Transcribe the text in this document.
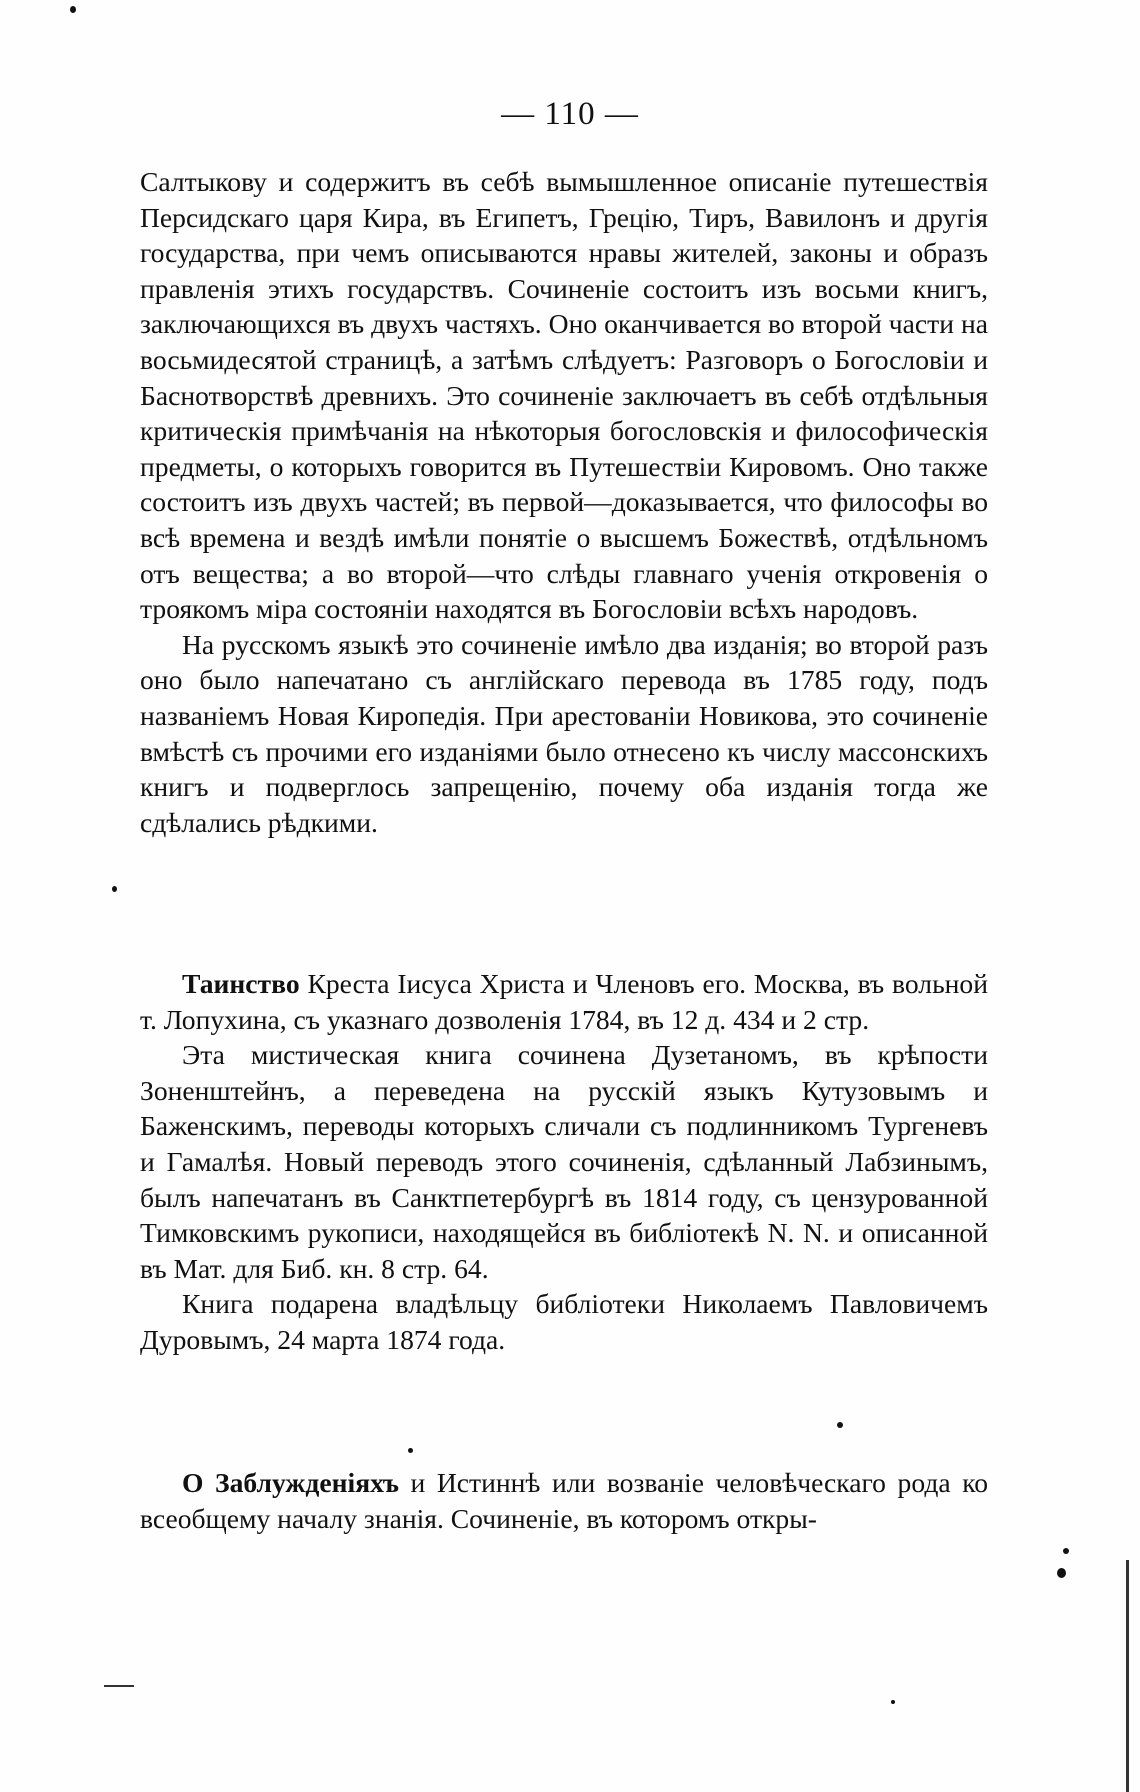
— 110 —

Салтыкову и содержитъ въ себѣ вымышленное описаніе путешествія Персидскаго царя Кира, въ Египетъ, Грецію, Тиръ, Вавилонъ и другія государства, при чемъ описываются нравы жителей, законы и образъ правленія этихъ государствъ. Сочиненіе состоитъ изъ восьми книгъ, заключающихся въ двухъ частяхъ. Оно оканчивается во второй части на восьмидесятой страницѣ, а затѣмъ слѣдуетъ: Разговоръ о Богословіи и Баснотворствѣ древнихъ. Это сочиненіе заключаетъ въ себѣ отдѣльныя критическія примѣчанія на нѣкоторыя богословскія и философическія предметы, о которыхъ говорится въ Путешествіи Кировомъ. Оно также состоитъ изъ двухъ частей; въ первой—доказывается, что философы во всѣ времена и вездѣ имѣли понятіе о высшемъ Божествѣ, отдѣльномъ отъ вещества; а во второй—что слѣды главнаго ученія откровенія о троякомъ міра состояніи находятся въ Богословіи всѣхъ народовъ.

На русскомъ языкѣ это сочиненіе имѣло два изданія; во второй разъ оно было напечатано съ англійскаго перевода въ 1785 году, подъ названіемъ Новая Киропедія. При арестованіи Новикова, это сочиненіе вмѣстѣ съ прочими его изданіями было отнесено къ числу массонскихъ книгъ и подверглось запрещенію, почему оба изданія тогда же сдѣлались рѣдкими.

Таинство Креста Іисуса Христа и Членовъ его. Москва, въ вольной т. Лопухина, съ указнаго дозволенія 1784, въ 12 д. 434 и 2 стр.

Эта мистическая книга сочинена Дузетаномъ, въ крѣпости Зоненштейнъ, а переведена на русскій языкъ Кутузовымъ и Баженскимъ, переводы которыхъ сличали съ подлинникомъ Тургеневъ и Гамалѣя. Новый переводъ этого сочиненія, сдѣланный Лабзинымъ, былъ напечатанъ въ Санктпетербургѣ въ 1814 году, съ цензурованной Тимковскимъ рукописи, находящейся въ библіотекѣ N. N. и описанной въ Мат. для Биб. кн. 8 стр. 64.

Книга подарена владѣльцу библіотеки Николаемъ Павловичемъ Дуровымъ, 24 марта 1874 года.

О Заблужденіяхъ и Истиннѣ или возваніе человѣческаго рода ко всеобщему началу знанія. Сочиненіе, въ которомъ откры-
